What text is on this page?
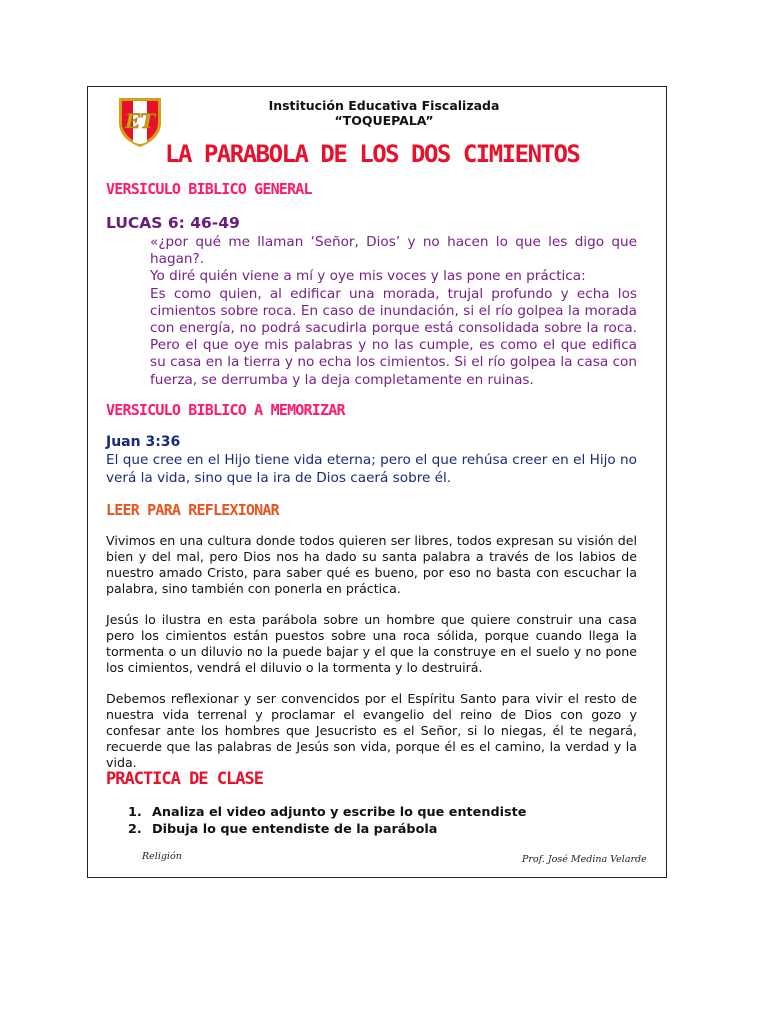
ET
Institución Educativa Fiscalizada
“TOQUEPALA”
LA PARABOLA DE LOS DOS CIMIENTOS
VERSICULO BIBLICO GENERAL
LUCAS 6: 46-49

«¿por qué me llaman ‘Señor, Dios’ y no hacen lo que les digo que hagan?.

Yo diré quién viene a mí y oye mis voces y las pone en práctica:

Es como quien, al edificar una morada, trujal profundo y echa los cimientos sobre roca. En caso de inundación, si el río golpea la morada con energía, no podrá sacudirla porque está consolidada sobre la roca. Pero el que oye mis palabras y no las cumple, es como el que edifica su casa en la tierra y no echa los cimientos. Si el río golpea la casa con fuerza, se derrumba y la deja completamente en ruinas.

VERSICULO BIBLICO A MEMORIZAR
Juan 3:36
El que cree en el Hijo tiene vida eterna; pero el que rehúsa creer en el Hijo no verá la vida, sino que la ira de Dios caerá sobre él.
LEER PARA REFLEXIONAR

Vivimos en una cultura donde todos quieren ser libres, todos expresan su visión del bien y del mal, pero Dios nos ha dado su santa palabra a través de los labios de nuestro amado Cristo, para saber qué es bueno, por eso no basta con escuchar la palabra, sino también con ponerla en práctica.

Jesús lo ilustra en esta parábola sobre un hombre que quiere construir una casa pero los cimientos están puestos sobre una roca sólida, porque cuando llega la tormenta o un diluvio no la puede bajar y el que la construye en el suelo y no pone los cimientos, vendrá el diluvio o la tormenta y lo destruirá.

Debemos reflexionar y ser convencidos por el Espíritu Santo para vivir el resto de nuestra vida terrenal y proclamar el evangelio del reino de Dios con gozo y confesar ante los hombres que Jesucristo es el Señor, si lo niegas, él te negará, recuerde que las palabras de Jesús son vida, porque él es el camino, la verdad y la vida.

PRACTICA DE CLASE
1. Analiza el video adjunto y escribe lo que entendiste
2. Dibuja lo que entendiste de la parábola
Religión	Prof. José Medina Velarde
